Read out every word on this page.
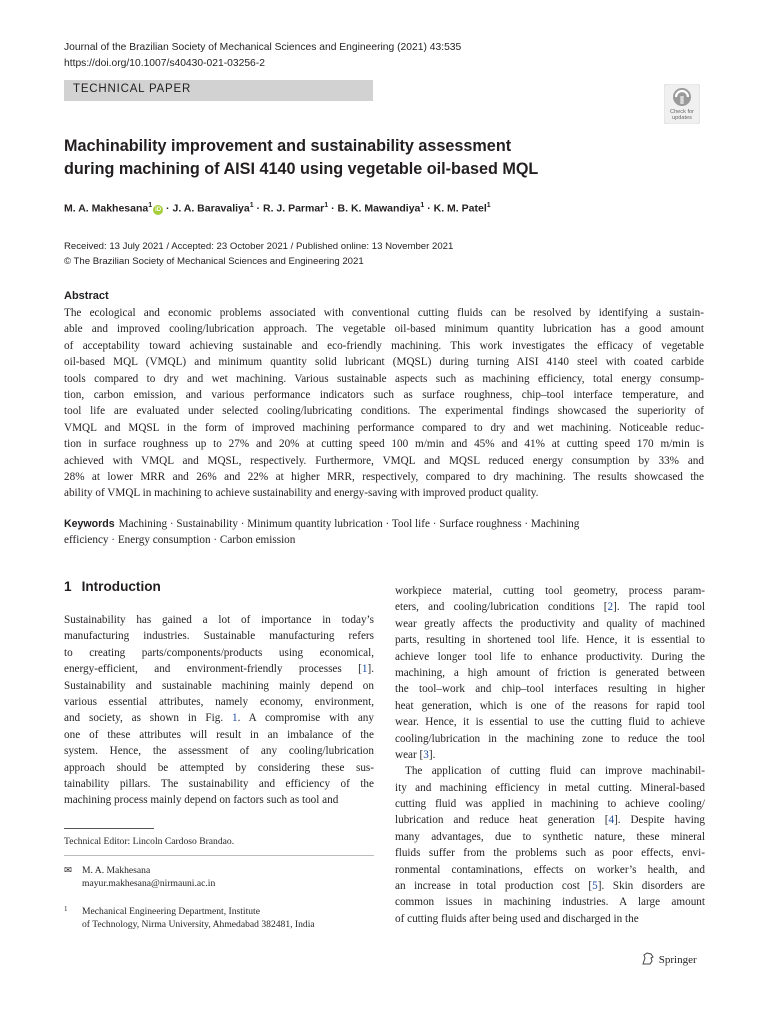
Journal of the Brazilian Society of Mechanical Sciences and Engineering (2021) 43:535
https://doi.org/10.1007/s40430-021-03256-2
TECHNICAL PAPER
Check for
updates
Machinability improvement and sustainability assessment
during machining of AISI 4140 using vegetable oil-based MQL
M. A. Makhesana$^1$iD · J. A. Baravaliya$^1$ · R. J. Parmar$^1$ · B. K. Mawandiya$^1$ · K. M. Patel$^1$
Received: 13 July 2021 / Accepted: 23 October 2021 / Published online: 13 November 2021
© The Brazilian Society of Mechanical Sciences and Engineering 2021
Abstract
The ecological and economic problems associated with conventional cutting fluids can be resolved by identifying a sustain-
able and improved cooling/lubrication approach. The vegetable oil-based minimum quantity lubrication has a good amount
of acceptability toward achieving sustainable and eco-friendly machining. This work investigates the efficacy of vegetable
oil-based MQL (VMQL) and minimum quantity solid lubricant (MQSL) during turning AISI 4140 steel with coated carbide
tools compared to dry and wet machining. Various sustainable aspects such as machining efficiency, total energy consump-
tion, carbon emission, and various performance indicators such as surface roughness, chip–tool interface temperature, and
tool life are evaluated under selected cooling/lubricating conditions. The experimental findings showcased the superiority of
VMQL and MQSL in the form of improved machining performance compared to dry and wet machining. Noticeable reduc-
tion in surface roughness up to 27% and 20% at cutting speed 100 m/min and 45% and 41% at cutting speed 170 m/min is
achieved with VMQL and MQSL, respectively. Furthermore, VMQL and MQSL reduced energy consumption by 33% and
28% at lower MRR and 26% and 22% at higher MRR, respectively, compared to dry machining. The results showcased the
ability of VMQL in machining to achieve sustainability and energy-saving with improved product quality.
Keywords Machining · Sustainability · Minimum quantity lubrication · Tool life · Surface roughness · Machining
efficiency · Energy consumption · Carbon emission
1 Introduction
Sustainability has gained a lot of importance in today’s
manufacturing industries. Sustainable manufacturing refers
to creating parts/components/products using economical,
energy-efficient, and environment-friendly processes [1].
Sustainability and sustainable machining mainly depend on
various essential attributes, namely economy, environment,
and society, as shown in Fig. 1. A compromise with any
one of these attributes will result in an imbalance of the
system. Hence, the assessment of any cooling/lubrication
approach should be attempted by considering these sus-
tainability pillars. The sustainability and efficiency of the
machining process mainly depend on factors such as tool and
workpiece material, cutting tool geometry, process param-
eters, and cooling/lubrication conditions [2]. The rapid tool
wear greatly affects the productivity and quality of machined
parts, resulting in shortened tool life. Hence, it is essential to
achieve longer tool life to enhance productivity. During the
machining, a high amount of friction is generated between
the tool–work and chip–tool interfaces resulting in higher
heat generation, which is one of the reasons for rapid tool
wear. Hence, it is essential to use the cutting fluid to achieve
cooling/lubrication in the machining zone to reduce the tool
wear [3].
The application of cutting fluid can improve machinabil-
ity and machining efficiency in metal cutting. Mineral-based
cutting fluid was applied in machining to achieve cooling/
lubrication and reduce heat generation [4]. Despite having
many advantages, due to synthetic nature, these mineral
fluids suffer from the problems such as poor effects, envi-
ronmental contaminations, effects on worker’s health, and
an increase in total production cost [5]. Skin disorders are
common issues in machining industries. A large amount
of cutting fluids after being used and discharged in the
Technical Editor: Lincoln Cardoso Brandao.
✉ M. A. Makhesana
mayur.makhesana@nirmauni.ac.in
1 Mechanical Engineering Department, Institute
of Technology, Nirma University, Ahmedabad 382481, India
Springer
